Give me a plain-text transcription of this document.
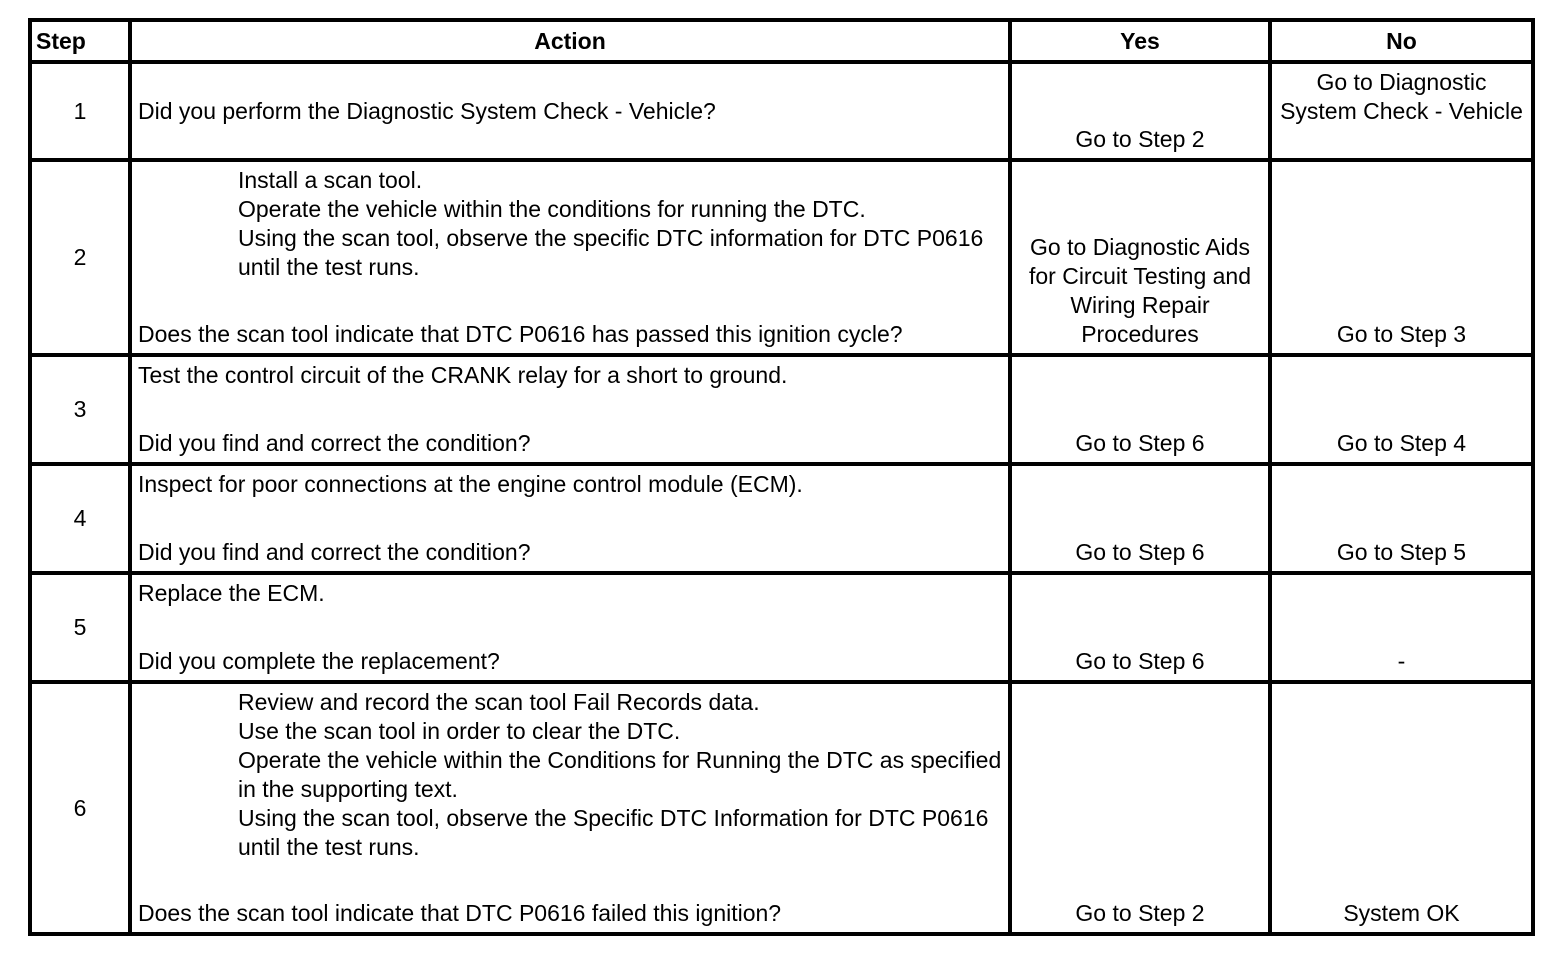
Step	Action	Yes	No
1	Did you perform the Diagnostic System Check - Vehicle?	Go to Step 2	Go to Diagnostic System Check - Vehicle
2	Install a scan tool.
Operate the vehicle within the conditions for running the DTC.
Using the scan tool, observe the specific DTC information for DTC P0616 until the test runs.
Does the scan tool indicate that DTC P0616 has passed this ignition cycle?	Go to Diagnostic Aids for Circuit Testing and Wiring Repair Procedures	Go to Step 3
3	Test the control circuit of the CRANK relay for a short to ground.
Did you find and correct the condition?	Go to Step 6	Go to Step 4
4	Inspect for poor connections at the engine control module (ECM).
Did you find and correct the condition?	Go to Step 6	Go to Step 5
5	Replace the ECM.
Did you complete the replacement?	Go to Step 6	-
6	Review and record the scan tool Fail Records data.
Use the scan tool in order to clear the DTC.
Operate the vehicle within the Conditions for Running the DTC as specified in the supporting text.
Using the scan tool, observe the Specific DTC Information for DTC P0616 until the test runs.
Does the scan tool indicate that DTC P0616 failed this ignition?	Go to Step 2	System OK
